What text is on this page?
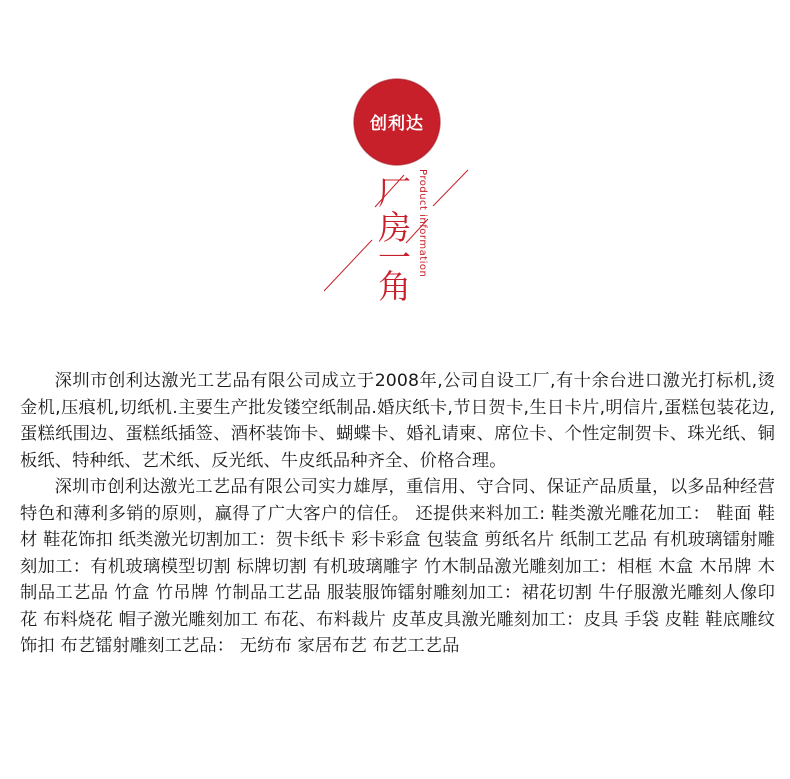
创利达
厂
房
一
角
Product information

深圳市创利达激光工艺品有限公司成立于2008年,公司自设工厂,有十余台进口激光打标机,烫金机,压痕机,切纸机.主要生产批发镂空纸制品.婚庆纸卡,节日贺卡,生日卡片,明信片,蛋糕包装花边,蛋糕纸围边、蛋糕纸插签、酒杯装饰卡、蝴蝶卡、婚礼请柬、席位卡、个性定制贺卡、珠光纸、铜板纸、特种纸、艺术纸、反光纸、牛皮纸品种齐全、价格合理。

深圳市创利达激光工艺品有限公司实力雄厚，重信用、守合同、保证产品质量，以多品种经营特色和薄利多销的原则，赢得了广大客户的信任。 还提供来料加工: 鞋类激光雕花加工： 鞋面 鞋材 鞋花饰扣 纸类激光切割加工：贺卡纸卡 彩卡彩盒 包装盒 剪纸名片 纸制工艺品 有机玻璃镭射雕刻加工：有机玻璃模型切割 标牌切割 有机玻璃雕字 竹木制品激光雕刻加工：相框 木盒 木吊牌 木制品工艺品 竹盒 竹吊牌 竹制品工艺品 服装服饰镭射雕刻加工：裙花切割 牛仔服激光雕刻人像印花 布料烧花 帽子激光雕刻加工 布花、布料裁片 皮革皮具激光雕刻加工：皮具 手袋 皮鞋 鞋底雕纹 饰扣 布艺镭射雕刻工艺品： 无纺布 家居布艺 布艺工艺品
